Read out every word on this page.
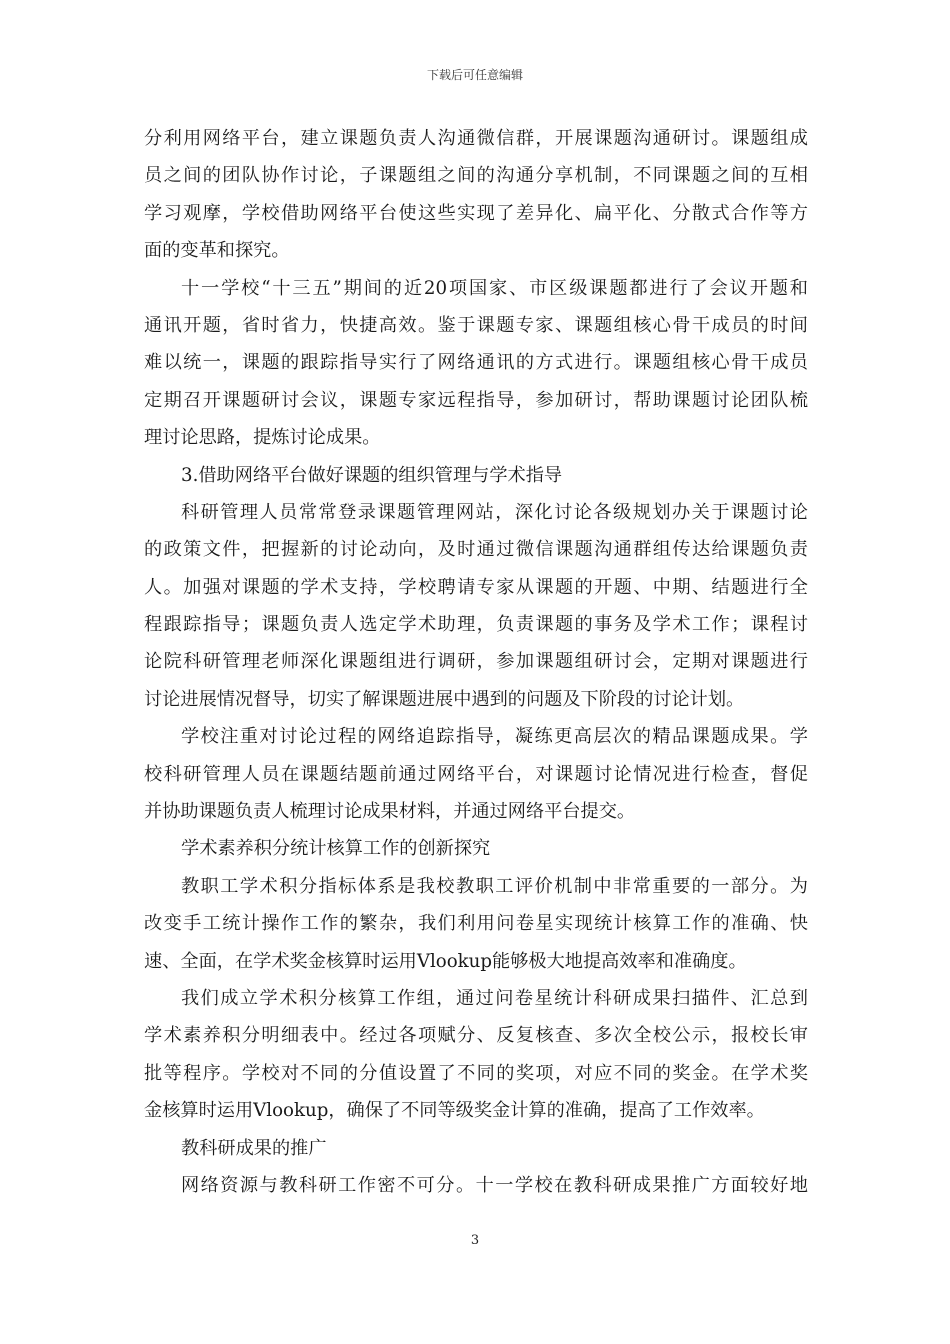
下载后可任意编辑
分利用网络平台，建立课题负责人沟通微信群，开展课题沟通研讨。课题组成
员之间的团队协作讨论，子课题组之间的沟通分享机制，不同课题之间的互相
学习观摩，学校借助网络平台使这些实现了差异化、扁平化、分散式合作等方
面的变革和探究。
十一学校“十三五”期间的近20项国家、市区级课题都进行了会议开题和
通讯开题，省时省力，快捷高效。鉴于课题专家、课题组核心骨干成员的时间
难以统一，课题的跟踪指导实行了网络通讯的方式进行。课题组核心骨干成员
定期召开课题研讨会议，课题专家远程指导，参加研讨，帮助课题讨论团队梳
理讨论思路，提炼讨论成果。
3.借助网络平台做好课题的组织管理与学术指导
科研管理人员常常登录课题管理网站，深化讨论各级规划办关于课题讨论
的政策文件，把握新的讨论动向，及时通过微信课题沟通群组传达给课题负责
人。加强对课题的学术支持，学校聘请专家从课题的开题、中期、结题进行全
程跟踪指导；课题负责人选定学术助理，负责课题的事务及学术工作；课程讨
论院科研管理老师深化课题组进行调研，参加课题组研讨会，定期对课题进行
讨论进展情况督导，切实了解课题进展中遇到的问题及下阶段的讨论计划。
学校注重对讨论过程的网络追踪指导，凝练更高层次的精品课题成果。学
校科研管理人员在课题结题前通过网络平台，对课题讨论情况进行检查，督促
并协助课题负责人梳理讨论成果材料，并通过网络平台提交。
学术素养积分统计核算工作的创新探究
教职工学术积分指标体系是我校教职工评价机制中非常重要的一部分。为
改变手工统计操作工作的繁杂，我们利用问卷星实现统计核算工作的准确、快
速、全面，在学术奖金核算时运用Vlookup能够极大地提高效率和准确度。
我们成立学术积分核算工作组，通过问卷星统计科研成果扫描件、汇总到
学术素养积分明细表中。经过各项赋分、反复核查、多次全校公示，报校长审
批等程序。学校对不同的分值设置了不同的奖项，对应不同的奖金。在学术奖
金核算时运用Vlookup，确保了不同等级奖金计算的准确，提高了工作效率。
教科研成果的推广
网络资源与教科研工作密不可分。十一学校在教科研成果推广方面较好地
3
